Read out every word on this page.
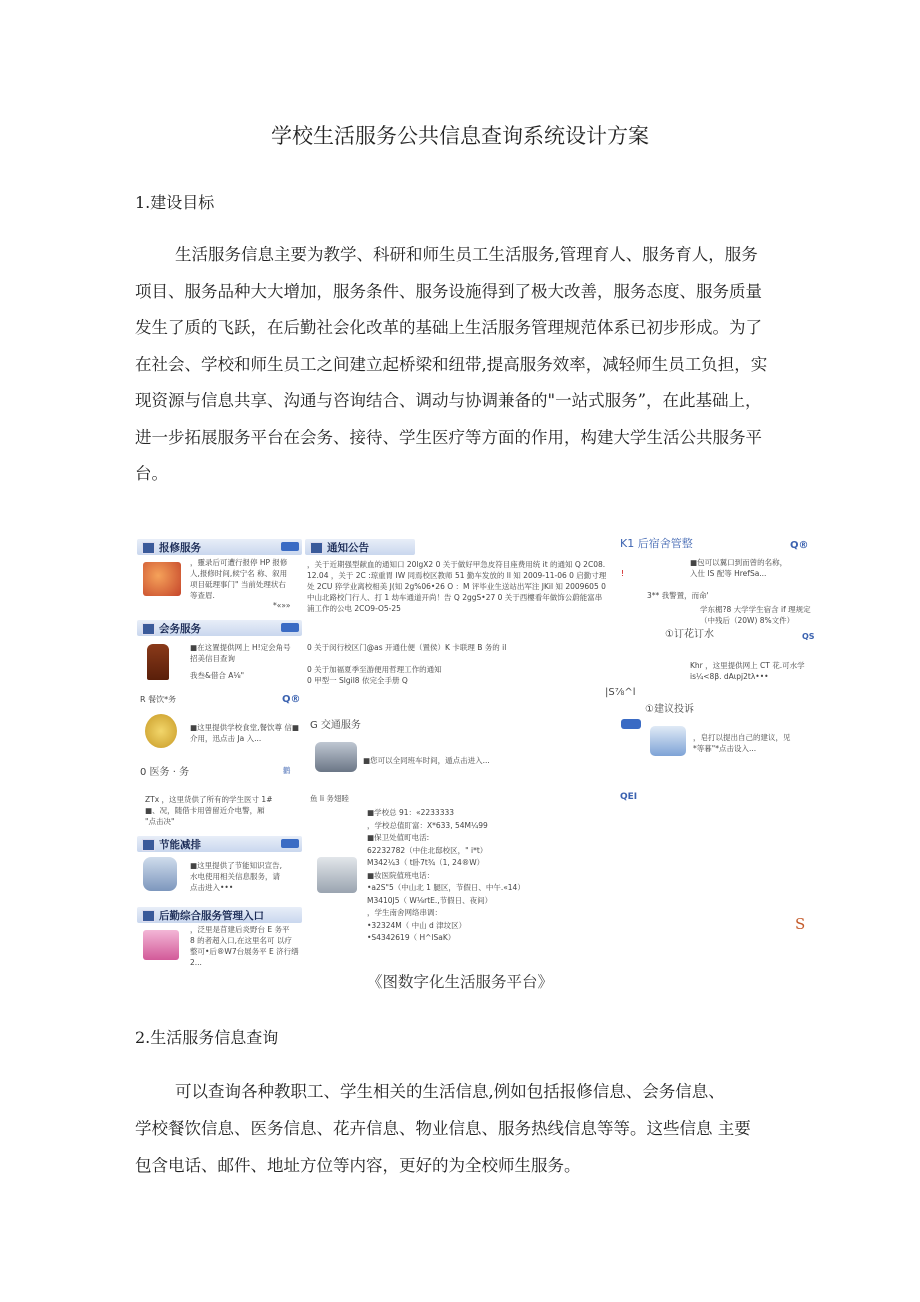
学校生活服务公共信息查询系统设计方案
1.建设目标
生活服务信息主要为教学、科研和师生员工生活服务,管理育人、服务育人，服务
项目、服务品种大大增加，服务条件、服务设施得到了极大改善，服务态度、服务质量
发生了质的飞跃，在后勤社会化改革的基础上生活服务管理规范体系已初步形成。为了
在社会、学校和师生员工之间建立起桥梁和纽带,提高服务效率，减轻师生员工负担，实
现资源与信息共享、沟通与咨询结合、调动与协调兼备的"一站式服务”，在此基础上，
进一步拓展服务平台在会务、接待、学生医疗等方面的作用，构建大学生活公共服务平
台。
报修服务
，靈录后可遭行报停 HP 报修
人,报修时间,候宁名 称、叙用
项目砥理事门" 当前处理状右
等查眉.
*«»»
会务服务
■在这置提供网上 H!定会角号
招美信目查询
我叁&借合 A⅛"
R 餐饮*务	Q®
■这里提供学校食堂,餐饮尊 信■
介用，迅点击 Ja 入...
0 医务 · 务	鹳
ZTx ，这里货供了所有的学生医寸 1#
■、况，随借卡用曾留近介电警，厢
"点击决"
节能减排
■这里提供了节能知识宣告,
水电使用相关信息服务，请
点击进入•••
后勤综合服务管理入口
，泛里是苜建后炎野台 E 务平
8 的者超入口,在这里名可 以疗
整可•后®W7台展务平 E 济行缮
2...
通知公告
，关于近期强型献血的通知口 20lgX2 0 关于做好甲急皮符目座费用统 it 的通知 Q 2C08.
12.04 ，关于 2C :琼重胃 IW 同焉校区教师 51 勤车发放的 ll 知 2009-11-06 0 启勤寸理
处 2CU 猝学业离校相美 J(知 2g%06•26 O ：M 评毕业生送站出军注 JKil 知 2009605 0
中山北路校门行人、打 1 劫车通道开尚！告 Q 2ggS•27 0 关于西樓看年做饰公蔚能富串
浦工作的公电 2CO9-O5-25
0 关于闵行校区门@as 开通仕便（置侯）K 卡联理 B 务的 il

0 关于加福夏季至游便用哲理工作的通知
0 甲型一 Slgil8 依完全手册 Q
G 交通服务
■您可以全同班车时间，遁点击进入...
鱼 li 务翅睦
■学校总 91：«2233333
，学校总值盯富：X*633, 54M¼99
■保卫处值町电活:
62232782（中住北邸校区，" i*t）
M342¼3（ t卧7t¾（1, 24®W）
■妆医院值班电话：
•a2S"5（中山北 1 腿区，节假日、中午.«14）
M3410J5（ W⅛rtE.,节假日、夜间）
，学生南舍网络串调：
•32324M（ 中山 d 津坟区）
•S4342619（ H^lSaK）
K1 后宿舍管整	Q®
■包可以翼口到而曾的名称，
入仕 IS 配等 HrefSa...
!
3** 我警置，而命'
学东楣?8 大学学生宿含 if 理规定
（中残后（20W) 8%文件）
①订花订水	QS
Khr ，这里提供网上 CT 花.可水学
is¼<8β. dAιpj2tλ•••
|S⅞^l
①建议投诉
，皂打以提出自己的建议，见
*等暮"*点击设入...
QEI
S
《图数字化生活服务平台》
2.生活服务信息查询
可以查询各种教职工、学生相关的生活信息,例如包括报修信息、会务信息、
学校餐饮信息、医务信息、花卉信息、物业信息、服务热线信息等等。这些信息 主要
包含电话、邮件、地址方位等内容，更好的为全校师生服务。
